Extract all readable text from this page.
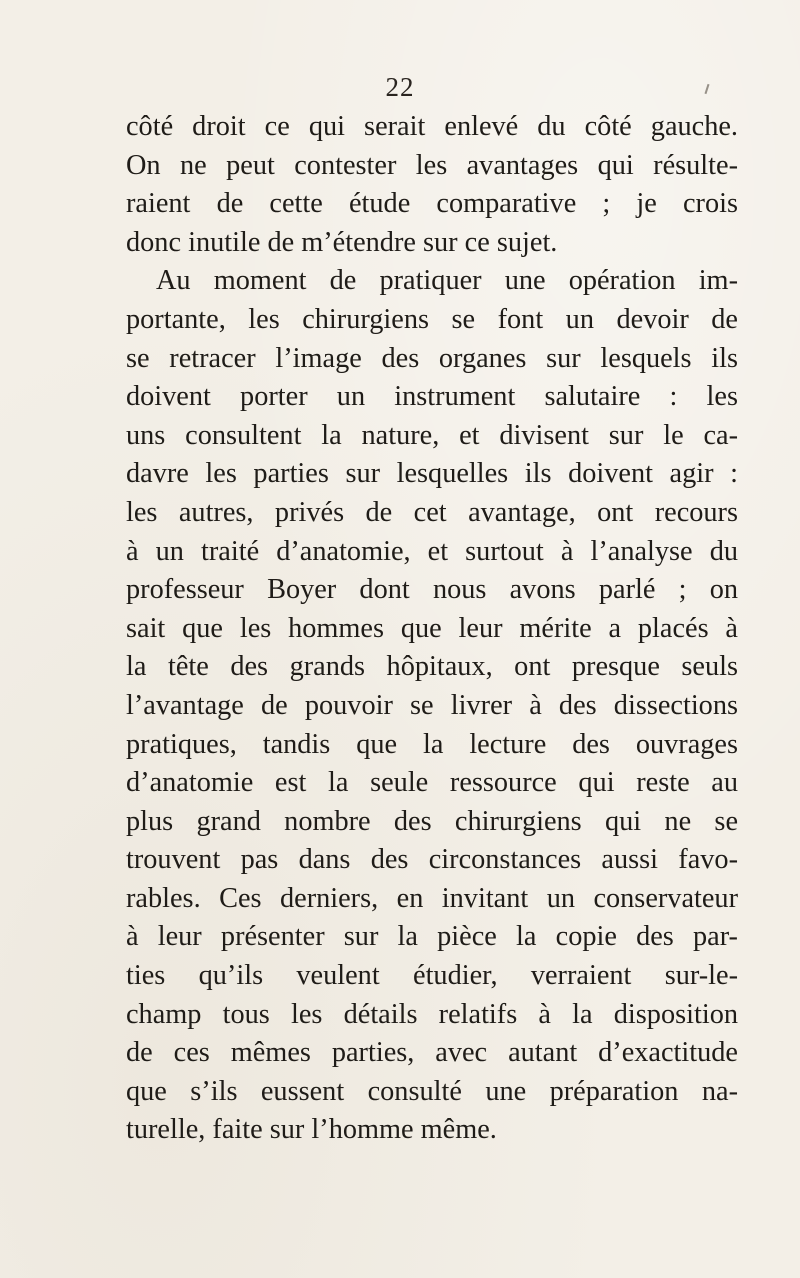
22
côté droit ce qui serait enlevé du côté gauche.
On ne peut contester les avantages qui résulte-
raient de cette étude comparative ; je crois
donc inutile de m’étendre sur ce sujet.
Au moment de pratiquer une opération im-
portante, les chirurgiens se font un devoir de
se retracer l’image des organes sur lesquels ils
doivent porter un instrument salutaire : les
uns consultent la nature, et divisent sur le ca-
davre les parties sur lesquelles ils doivent agir :
les autres, privés de cet avantage, ont recours
à un traité d’anatomie, et surtout à l’analyse du
professeur Boyer dont nous avons parlé ; on
sait que les hommes que leur mérite a placés à
la tête des grands hôpitaux, ont presque seuls
l’avantage de pouvoir se livrer à des dissections
pratiques, tandis que la lecture des ouvrages
d’anatomie est la seule ressource qui reste au
plus grand nombre des chirurgiens qui ne se
trouvent pas dans des circonstances aussi favo-
rables. Ces derniers, en invitant un conservateur
à leur présenter sur la pièce la copie des par-
ties qu’ils veulent étudier, verraient sur-le-
champ tous les détails relatifs à la disposition
de ces mêmes parties, avec autant d’exactitude
que s’ils eussent consulté une préparation na-
turelle, faite sur l’homme même.
